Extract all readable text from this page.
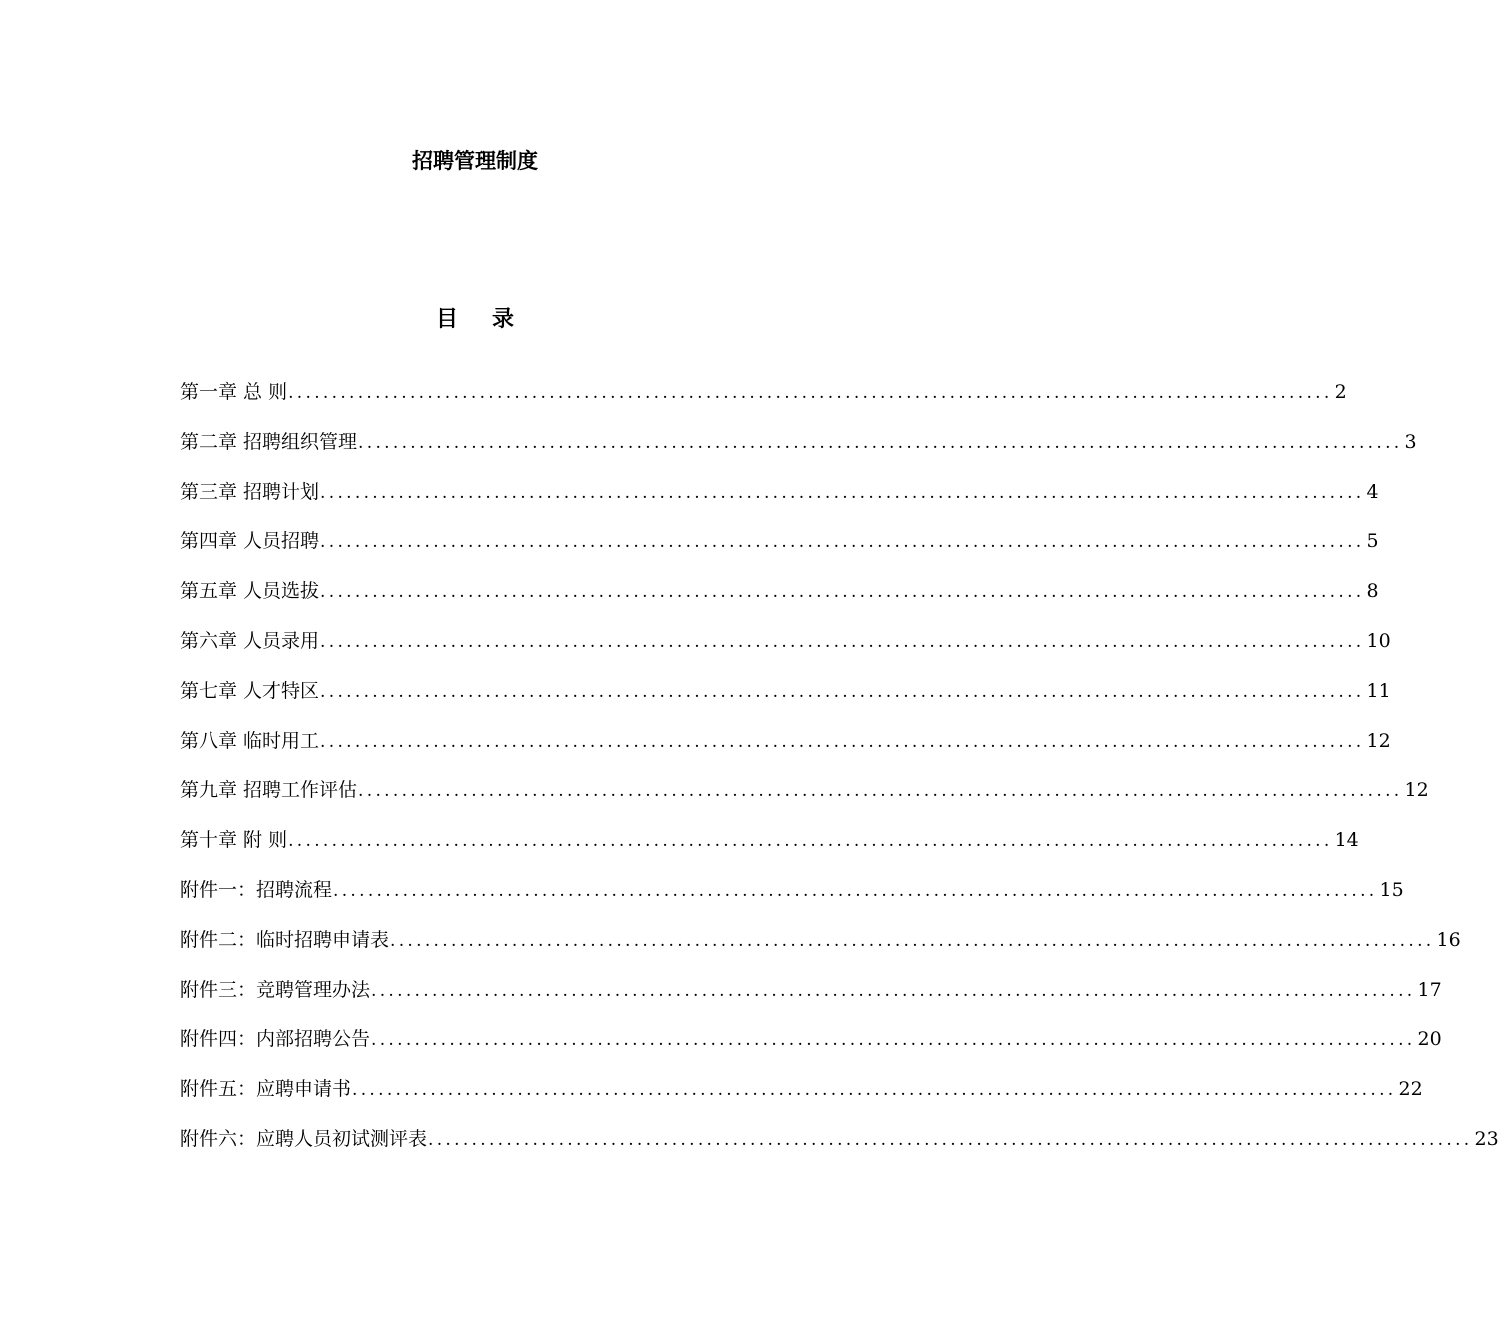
招聘管理制度
目 录
第一章 总 则 ........................................................................................................................ 2
第二章 招聘组织管理 ........................................................................................................................ 3
第三章 招聘计划 ........................................................................................................................ 4
第四章 人员招聘 ........................................................................................................................ 5
第五章 人员选拔 ........................................................................................................................ 8
第六章 人员录用 ........................................................................................................................ 10
第七章 人才特区 ........................................................................................................................ 11
第八章 临时用工 ........................................................................................................................ 12
第九章 招聘工作评估 ........................................................................................................................ 12
第十章 附 则 ........................................................................................................................ 14
附件一：招聘流程 ........................................................................................................................ 15
附件二：临时招聘申请表 ........................................................................................................................ 16
附件三：竞聘管理办法 ........................................................................................................................ 17
附件四：内部招聘公告 ........................................................................................................................ 20
附件五：应聘申请书 ........................................................................................................................ 22
附件六：应聘人员初试测评表 ........................................................................................................................ 23
